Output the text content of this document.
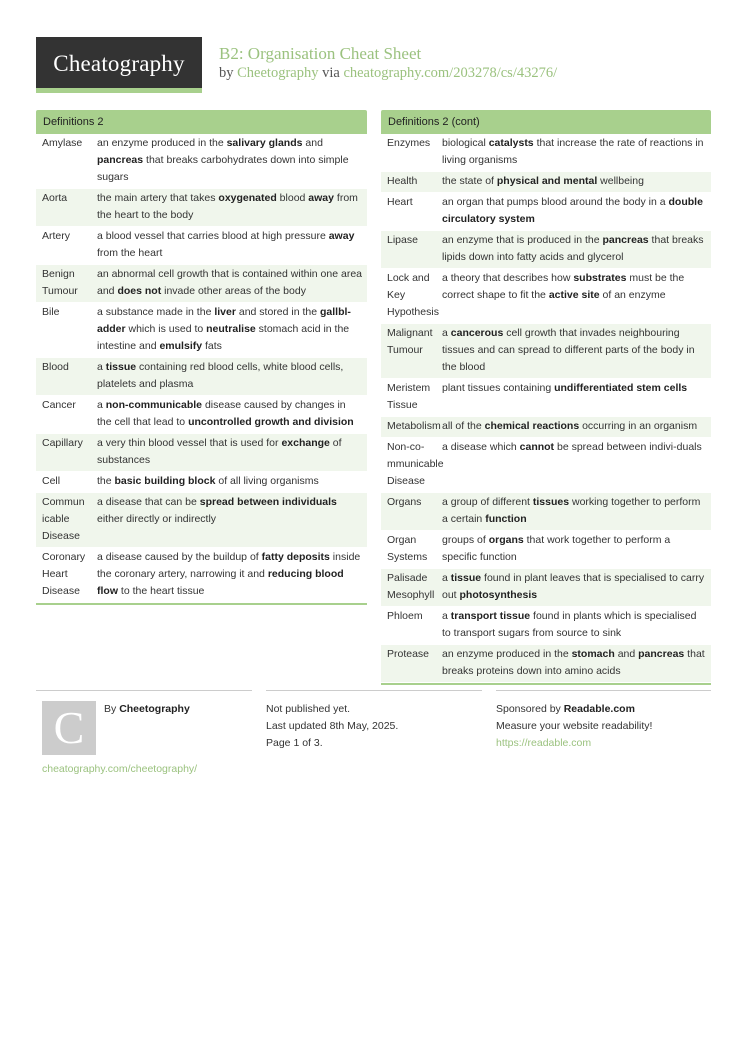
Cheatography	B2: Organisation Cheat Sheet
by Cheetography via cheatography.com/203278/cs/43276/
Definitions 2
Amylase	an enzyme produced in the salivary glands and pancreas that breaks carbohydrates down into simple sugars
Aorta	the main artery that takes oxygenated blood away from the heart to the body
Artery	a blood vessel that carries blood at high pressure away from the heart
Benign Tumour	an abnormal cell growth that is contained within one area and does not invade other areas of the body
Bile	a substance made in the liver and stored in the gallbl-adder which is used to neutralise stomach acid in the intestine and emulsify fats
Blood	a tissue containing red blood cells, white blood cells, platelets and plasma
Cancer	a non-communicable disease caused by changes in the cell that lead to uncontrolled growth and division
Capillary	a very thin blood vessel that is used for exchange of substances
Cell	the basic building block of all living organisms
Commun icable Disease	a disease that can be spread between individuals either directly or indirectly
Coronary Heart Disease	a disease caused by the buildup of fatty deposits inside the coronary artery, narrowing it and reducing blood flow to the heart tissue
Definitions 2 (cont)
Enzymes	biological catalysts that increase the rate of reactions in living organisms
Health	the state of physical and mental wellbeing
Heart	an organ that pumps blood around the body in a double circulatory system
Lipase	an enzyme that is produced in the pancreas that breaks lipids down into fatty acids and glycerol
Lock and Key Hypothesis	a theory that describes how substrates must be the correct shape to fit the active site of an enzyme
Malignant Tumour	a cancerous cell growth that invades neighbouring tissues and can spread to different parts of the body in the blood
Meristem Tissue	plant tissues containing undifferentiated stem cells
Metabolism	all of the chemical reactions occurring in an organism
Non-co-mmunicable Disease	a disease which cannot be spread between indivi-duals
Organs	a group of different tissues working together to perform a certain function
Organ Systems	groups of organs that work together to perform a specific function
Palisade Mesophyll	a tissue found in plant leaves that is specialised to carry out photosynthesis
Phloem	a transport tissue found in plants which is specialised to transport sugars from source to sink
Protease	an enzyme produced in the stomach and pancreas that breaks proteins down into amino acids
C	By Cheetography
cheatography.com/cheetography/
Not published yet.
Last updated 8th May, 2025.
Page 1 of 3.
Sponsored by Readable.com
Measure your website readability!
https://readable.com
